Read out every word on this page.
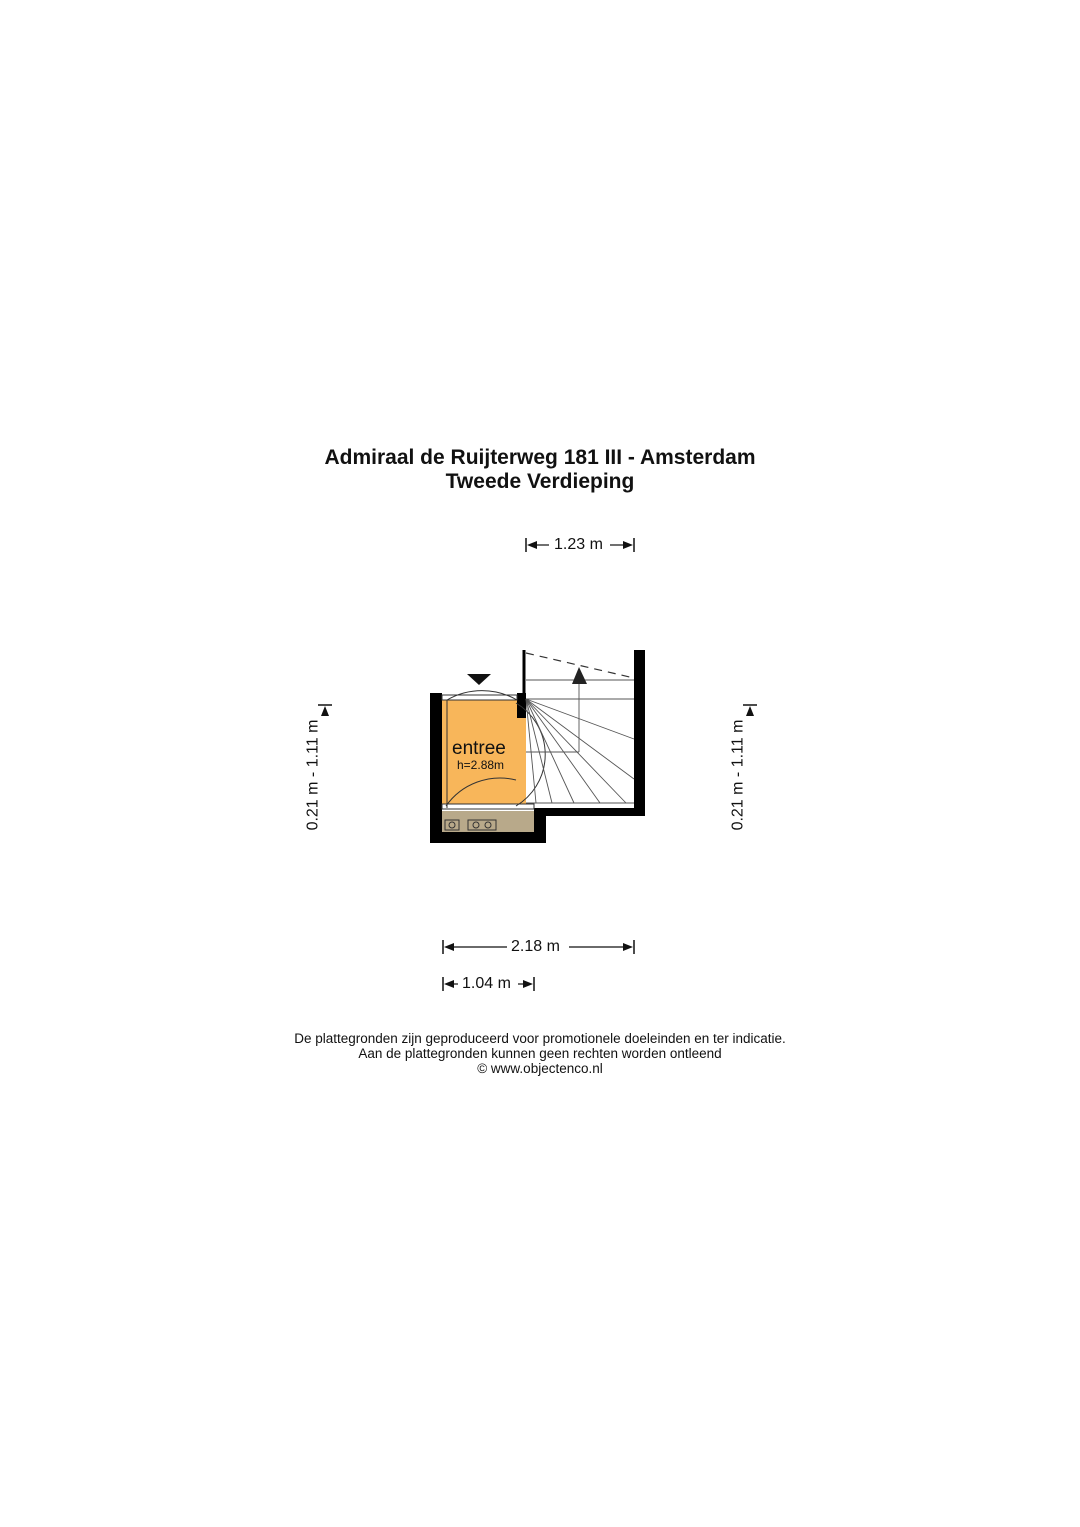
Admiraal de Ruijterweg 181 III - Amsterdam
Tweede Verdieping
1.23 m
2.18 m
1.04 m
0.21 m - 1.11 m	0.21 m - 1.11 m
entree
h=2.88m
De plattegronden zijn geproduceerd voor promotionele doeleinden en ter indicatie.
Aan de plattegronden kunnen geen rechten worden ontleend
© www.objectenco.nl
